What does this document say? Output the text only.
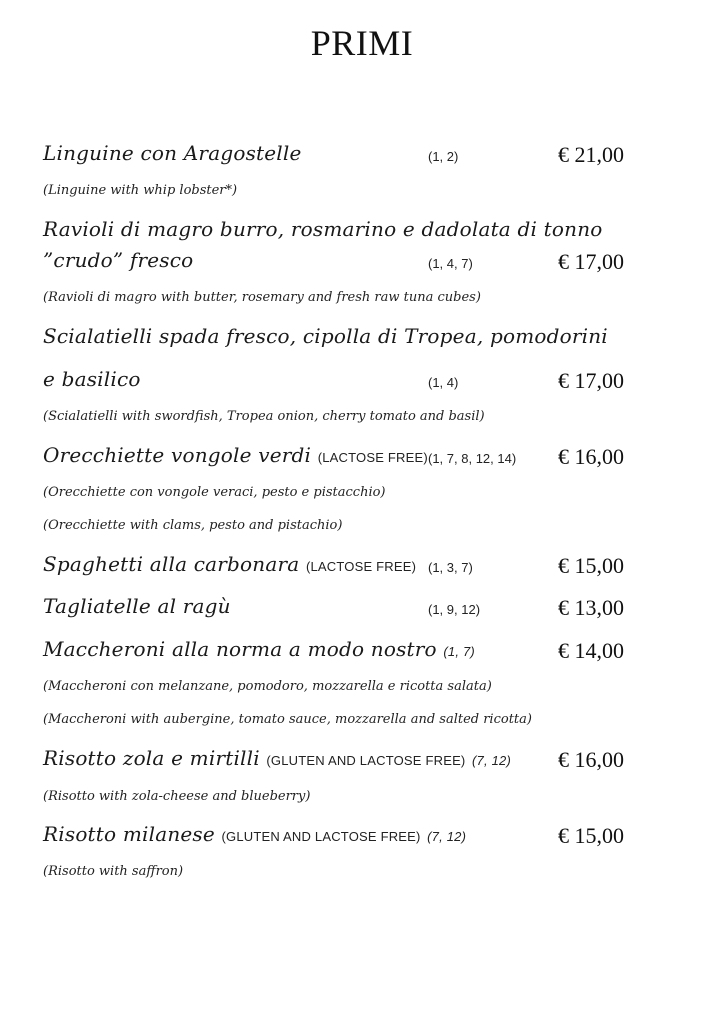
PRIMI
Linguine con Aragostelle	(1, 2)	€ 21,00
(Linguine with whip lobster*)
Ravioli di magro burro, rosmarino e dadolata di tonno
”crudo” fresco	(1, 4, 7)	€ 17,00
(Ravioli di magro with butter, rosemary and fresh raw tuna cubes)
Scialatielli spada fresco, cipolla di Tropea, pomodorini
e basilico	(1, 4)	€ 17,00
(Scialatielli with swordfish, Tropea onion, cherry tomato and basil)
Orecchiette vongole verdi (LACTOSE FREE) (1, 7, 8, 12, 14) € 16,00
(Orecchiette con vongole veraci, pesto e pistacchio)
(Orecchiette with clams, pesto and pistachio)
Spaghetti alla carbonara (LACTOSE FREE) (1, 3, 7)	€ 15,00
Tagliatelle al ragù	(1, 9, 12)	€ 13,00
Maccheroni alla norma a modo nostro (1, 7)	€ 14,00
(Maccheroni con melanzane, pomodoro, mozzarella e ricotta salata)
(Maccheroni with aubergine, tomato sauce, mozzarella and salted ricotta)
Risotto zola e mirtilli (GLUTEN AND LACTOSE FREE) (7, 12) € 16,00
(Risotto with zola-cheese and blueberry)
Risotto milanese (GLUTEN AND LACTOSE FREE) (7, 12)	€ 15,00
(Risotto with saffron)
